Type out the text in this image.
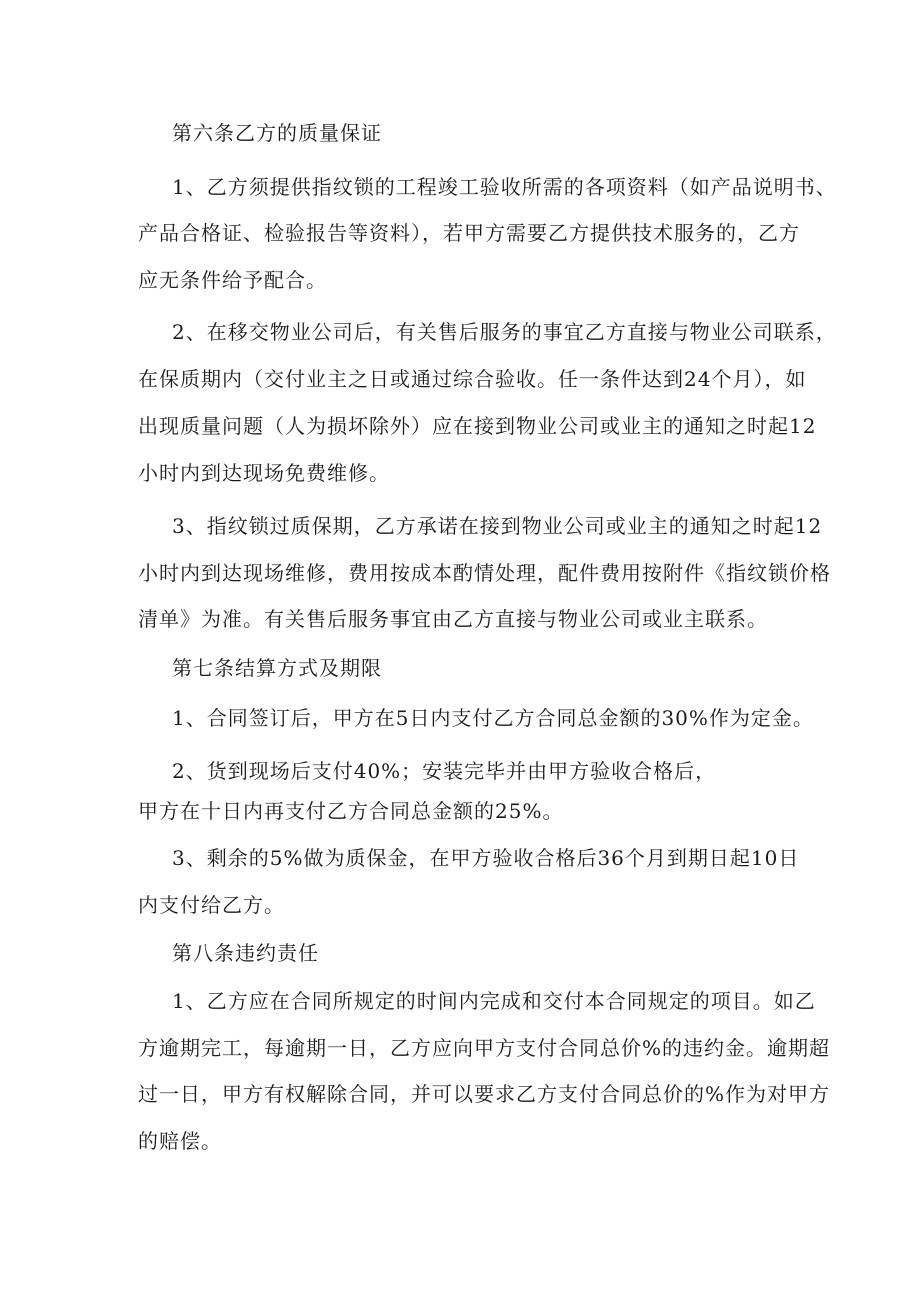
第六条乙方的质量保证
1、乙方须提供指纹锁的工程竣工验收所需的各项资料（如产品说明书、
产品合格证、检验报告等资料），若甲方需要乙方提供技术服务的，乙方
应无条件给予配合。
2、在移交物业公司后，有关售后服务的事宜乙方直接与物业公司联系，
在保质期内（交付业主之日或通过综合验收。任一条件达到24个月），如
出现质量问题（人为损坏除外）应在接到物业公司或业主的通知之时起12
小时内到达现场免费维修。
3、指纹锁过质保期，乙方承诺在接到物业公司或业主的通知之时起12
小时内到达现场维修，费用按成本酌情处理，配件费用按附件《指纹锁价格
清单》为准。有关售后服务事宜由乙方直接与物业公司或业主联系。
第七条结算方式及期限
1、合同签订后，甲方在5日内支付乙方合同总金额的30%作为定金。
2、货到现场后支付40%；安装完毕并由甲方验收合格后，
甲方在十日内再支付乙方合同总金额的25%。
3、剩余的5%做为质保金，在甲方验收合格后36个月到期日起10日
内支付给乙方。
第八条违约责任
1、乙方应在合同所规定的时间内完成和交付本合同规定的项目。如乙
方逾期完工，每逾期一日，乙方应向甲方支付合同总价%的违约金。逾期超
过一日，甲方有权解除合同，并可以要求乙方支付合同总价的%作为对甲方
的赔偿。
